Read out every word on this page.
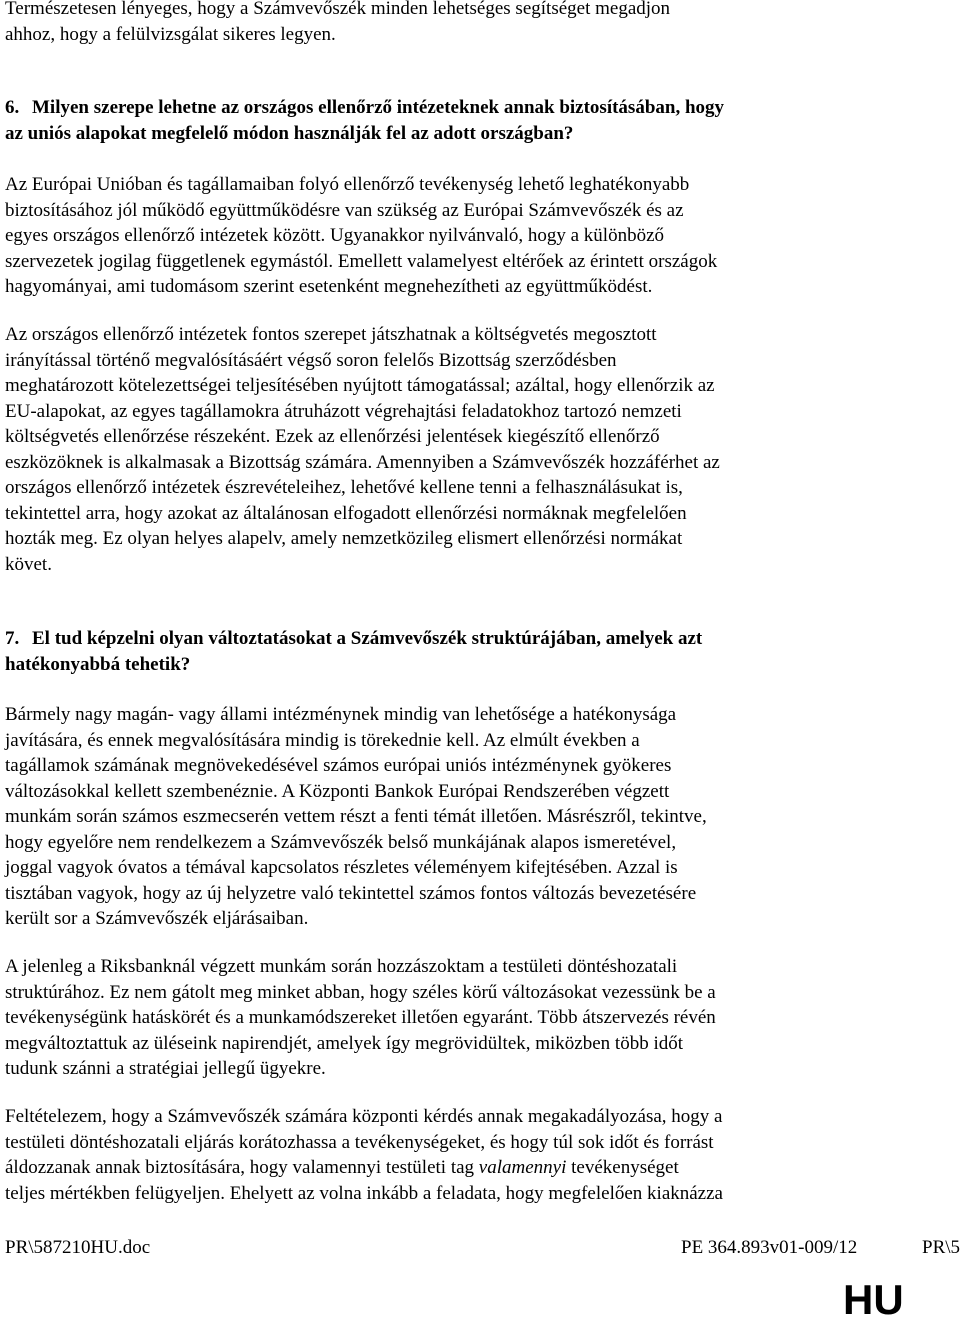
Természetesen lényeges, hogy a Számvevőszék minden lehetséges segítséget megadjon
ahhoz, hogy a felülvizsgálat sikeres legyen.
6. Milyen szerepe lehetne az országos ellenőrző intézeteknek annak biztosításában, hogy
az uniós alapokat megfelelő módon használják fel az adott országban?
Az Európai Unióban és tagállamaiban folyó ellenőrző tevékenység lehető leghatékonyabb
biztosításához jól működő együttműködésre van szükség az Európai Számvevőszék és az
egyes országos ellenőrző intézetek között. Ugyanakkor nyilvánvaló, hogy a különböző
szervezetek jogilag függetlenek egymástól. Emellett valamelyest eltérőek az érintett országok
hagyományai, ami tudomásom szerint esetenként megnehezítheti az együttműködést.
Az országos ellenőrző intézetek fontos szerepet játszhatnak a költségvetés megosztott
irányítással történő megvalósításáért végső soron felelős Bizottság szerződésben
meghatározott kötelezettségei teljesítésében nyújtott támogatással; azáltal, hogy ellenőrzik az
EU-alapokat, az egyes tagállamokra átruházott végrehajtási feladatokhoz tartozó nemzeti
költségvetés ellenőrzése részeként. Ezek az ellenőrzési jelentések kiegészítő ellenőrző
eszközöknek is alkalmasak a Bizottság számára. Amennyiben a Számvevőszék hozzáférhet az
országos ellenőrző intézetek észrevételeihez, lehetővé kellene tenni a felhasználásukat is,
tekintettel arra, hogy azokat az általánosan elfogadott ellenőrzési normáknak megfelelően
hozták meg. Ez olyan helyes alapelv, amely nemzetközileg elismert ellenőrzési normákat
követ.
7. El tud képzelni olyan változtatásokat a Számvevőszék struktúrájában, amelyek azt
hatékonyabbá tehetik?
Bármely nagy magán- vagy állami intézménynek mindig van lehetősége a hatékonysága
javítására, és ennek megvalósítására mindig is törekednie kell. Az elmúlt években a
tagállamok számának megnövekedésével számos európai uniós intézménynek gyökeres
változásokkal kellett szembenéznie. A Központi Bankok Európai Rendszerében végzett
munkám során számos eszmecserén vettem részt a fenti témát illetően. Másrészről, tekintve,
hogy egyelőre nem rendelkezem a Számvevőszék belső munkájának alapos ismeretével,
joggal vagyok óvatos a témával kapcsolatos részletes véleményem kifejtésében. Azzal is
tisztában vagyok, hogy az új helyzetre való tekintettel számos fontos változás bevezetésére
került sor a Számvevőszék eljárásaiban.
A jelenleg a Riksbanknál végzett munkám során hozzászoktam a testületi döntéshozatali
struktúrához. Ez nem gátolt meg minket abban, hogy széles körű változásokat vezessünk be a
tevékenységünk hatáskörét és a munkamódszereket illetően egyaránt. Több átszervezés révén
megváltoztattuk az üléseink napirendjét, amelyek így megrövidültek, miközben több időt
tudunk szánni a stratégiai jellegű ügyekre.
Feltételezem, hogy a Számvevőszék számára központi kérdés annak megakadályozása, hogy a
testületi döntéshozatali eljárás korátozhassa a tevékenységeket, és hogy túl sok időt és forrást
áldozzanak annak biztosítására, hogy valamennyi testületi tag valamennyi tevékenységet
teljes mértékben felügyeljen. Ehelyett az volna inkább a feladata, hogy megfelelően kiaknázza
PR\587210HU.doc	PE 364.893v01-009/12	PR\5
HU
